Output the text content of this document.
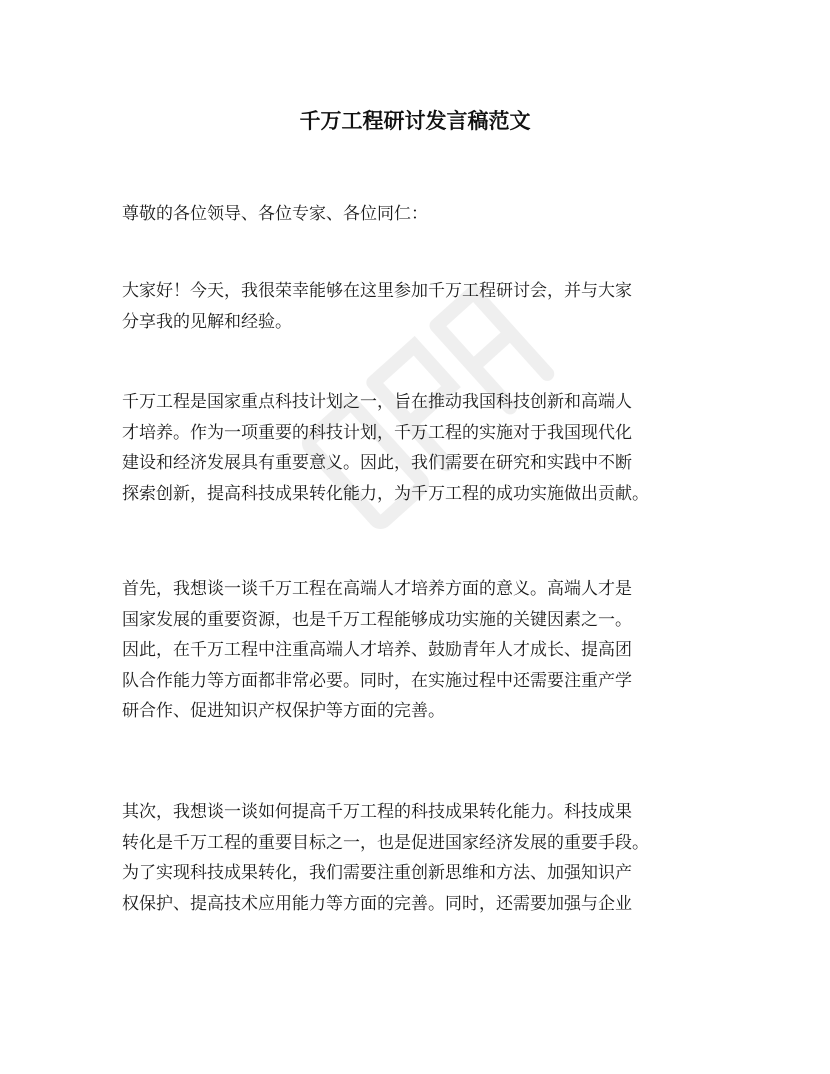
千万工程研讨发言稿范文

尊敬的各位领导、各位专家、各位同仁：

大家好！今天，我很荣幸能够在这里参加千万工程研讨会，并与大家
分享我的见解和经验。

千万工程是国家重点科技计划之一，旨在推动我国科技创新和高端人
才培养。作为一项重要的科技计划，千万工程的实施对于我国现代化
建设和经济发展具有重要意义。因此，我们需要在研究和实践中不断
探索创新，提高科技成果转化能力，为千万工程的成功实施做出贡献。

首先，我想谈一谈千万工程在高端人才培养方面的意义。高端人才是
国家发展的重要资源，也是千万工程能够成功实施的关键因素之一。
因此，在千万工程中注重高端人才培养、鼓励青年人才成长、提高团
队合作能力等方面都非常必要。同时，在实施过程中还需要注重产学
研合作、促进知识产权保护等方面的完善。

其次，我想谈一谈如何提高千万工程的科技成果转化能力。科技成果
转化是千万工程的重要目标之一，也是促进国家经济发展的重要手段。
为了实现科技成果转化，我们需要注重创新思维和方法、加强知识产
权保护、提高技术应用能力等方面的完善。同时，还需要加强与企业
